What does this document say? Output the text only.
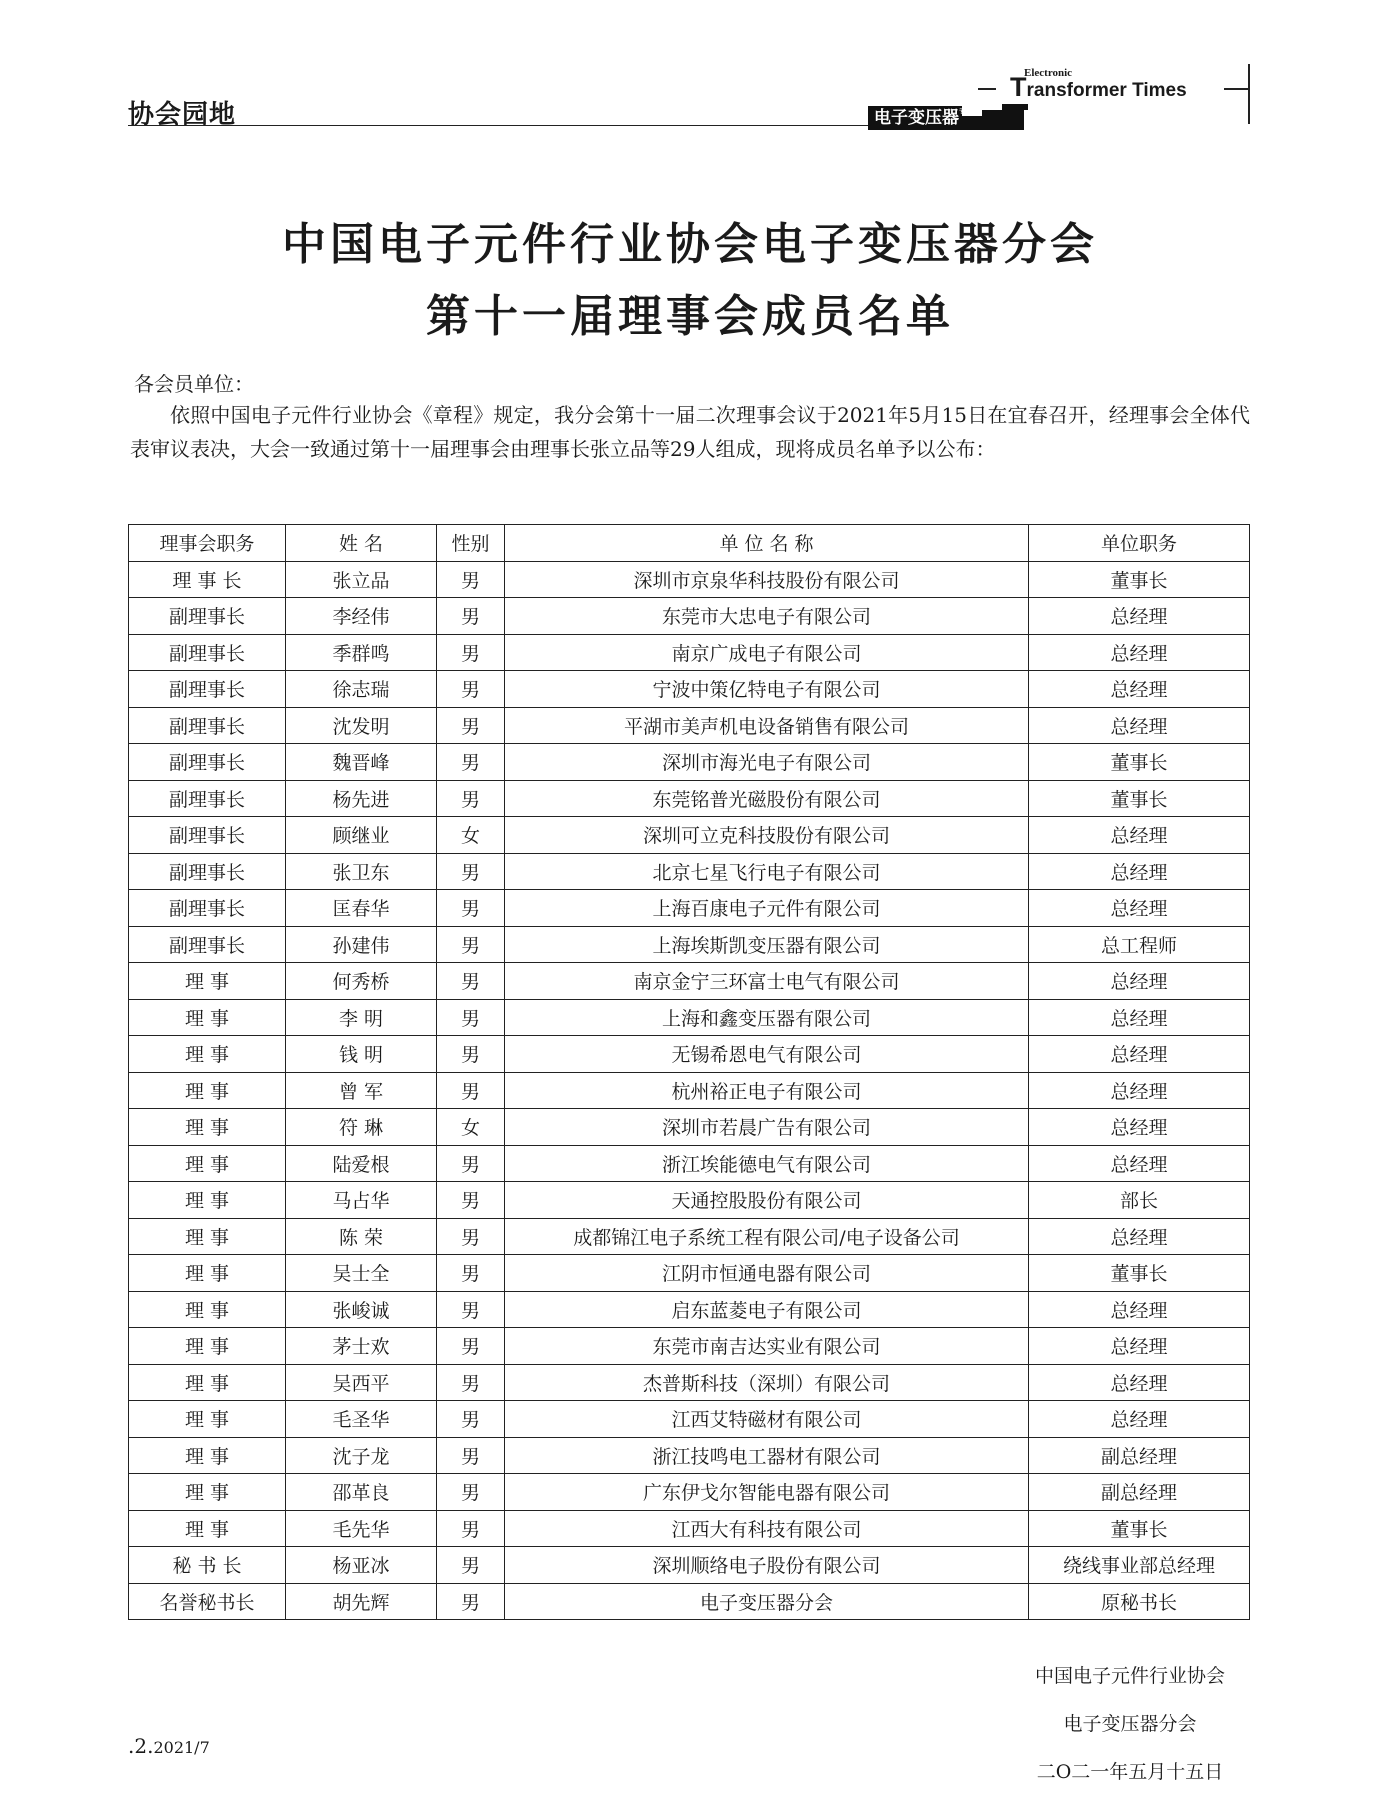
协会园地
Electronic
Transformer Times
电子变压器$^{专辑}$
中国电子元件行业协会电子变压器分会
第十一届理事会成员名单
各会员单位：
依照中国电子元件行业协会《章程》规定，我分会第十一届二次理事会议于2021年5月15日在宜春召开，经理事会全体代表审议表决，大会一致通过第十一届理事会由理事长张立品等29人组成，现将成员名单予以公布：
理事会职务	姓 名	性别	单 位 名 称	单位职务
理 事 长	张立品	男	深圳市京泉华科技股份有限公司	董事长
副理事长	李经伟	男	东莞市大忠电子有限公司	总经理
副理事长	季群鸣	男	南京广成电子有限公司	总经理
副理事长	徐志瑞	男	宁波中策亿特电子有限公司	总经理
副理事长	沈发明	男	平湖市美声机电设备销售有限公司	总经理
副理事长	魏晋峰	男	深圳市海光电子有限公司	董事长
副理事长	杨先进	男	东莞铭普光磁股份有限公司	董事长
副理事长	顾继业	女	深圳可立克科技股份有限公司	总经理
副理事长	张卫东	男	北京七星飞行电子有限公司	总经理
副理事长	匡春华	男	上海百康电子元件有限公司	总经理
副理事长	孙建伟	男	上海埃斯凯变压器有限公司	总工程师
理 事	何秀桥	男	南京金宁三环富士电气有限公司	总经理
理 事	李 明	男	上海和鑫变压器有限公司	总经理
理 事	钱 明	男	无锡希恩电气有限公司	总经理
理 事	曾 军	男	杭州裕正电子有限公司	总经理
理 事	符 琳	女	深圳市若晨广告有限公司	总经理
理 事	陆爱根	男	浙江埃能德电气有限公司	总经理
理 事	马占华	男	天通控股股份有限公司	部长
理 事	陈 荣	男	成都锦江电子系统工程有限公司/电子设备公司	总经理
理 事	吴士全	男	江阴市恒通电器有限公司	董事长
理 事	张峻诚	男	启东蓝菱电子有限公司	总经理
理 事	茅士欢	男	东莞市南吉达实业有限公司	总经理
理 事	吴西平	男	杰普斯科技（深圳）有限公司	总经理
理 事	毛圣华	男	江西艾特磁材有限公司	总经理
理 事	沈子龙	男	浙江技鸣电工器材有限公司	副总经理
理 事	邵革良	男	广东伊戈尔智能电器有限公司	副总经理
理 事	毛先华	男	江西大有科技有限公司	董事长
秘 书 长	杨亚冰	男	深圳顺络电子股份有限公司	绕线事业部总经理
名誉秘书长	胡先辉	男	电子变压器分会	原秘书长

中国电子元件行业协会

电子变压器分会

二O二一年五月十五日

.2.2021/7
